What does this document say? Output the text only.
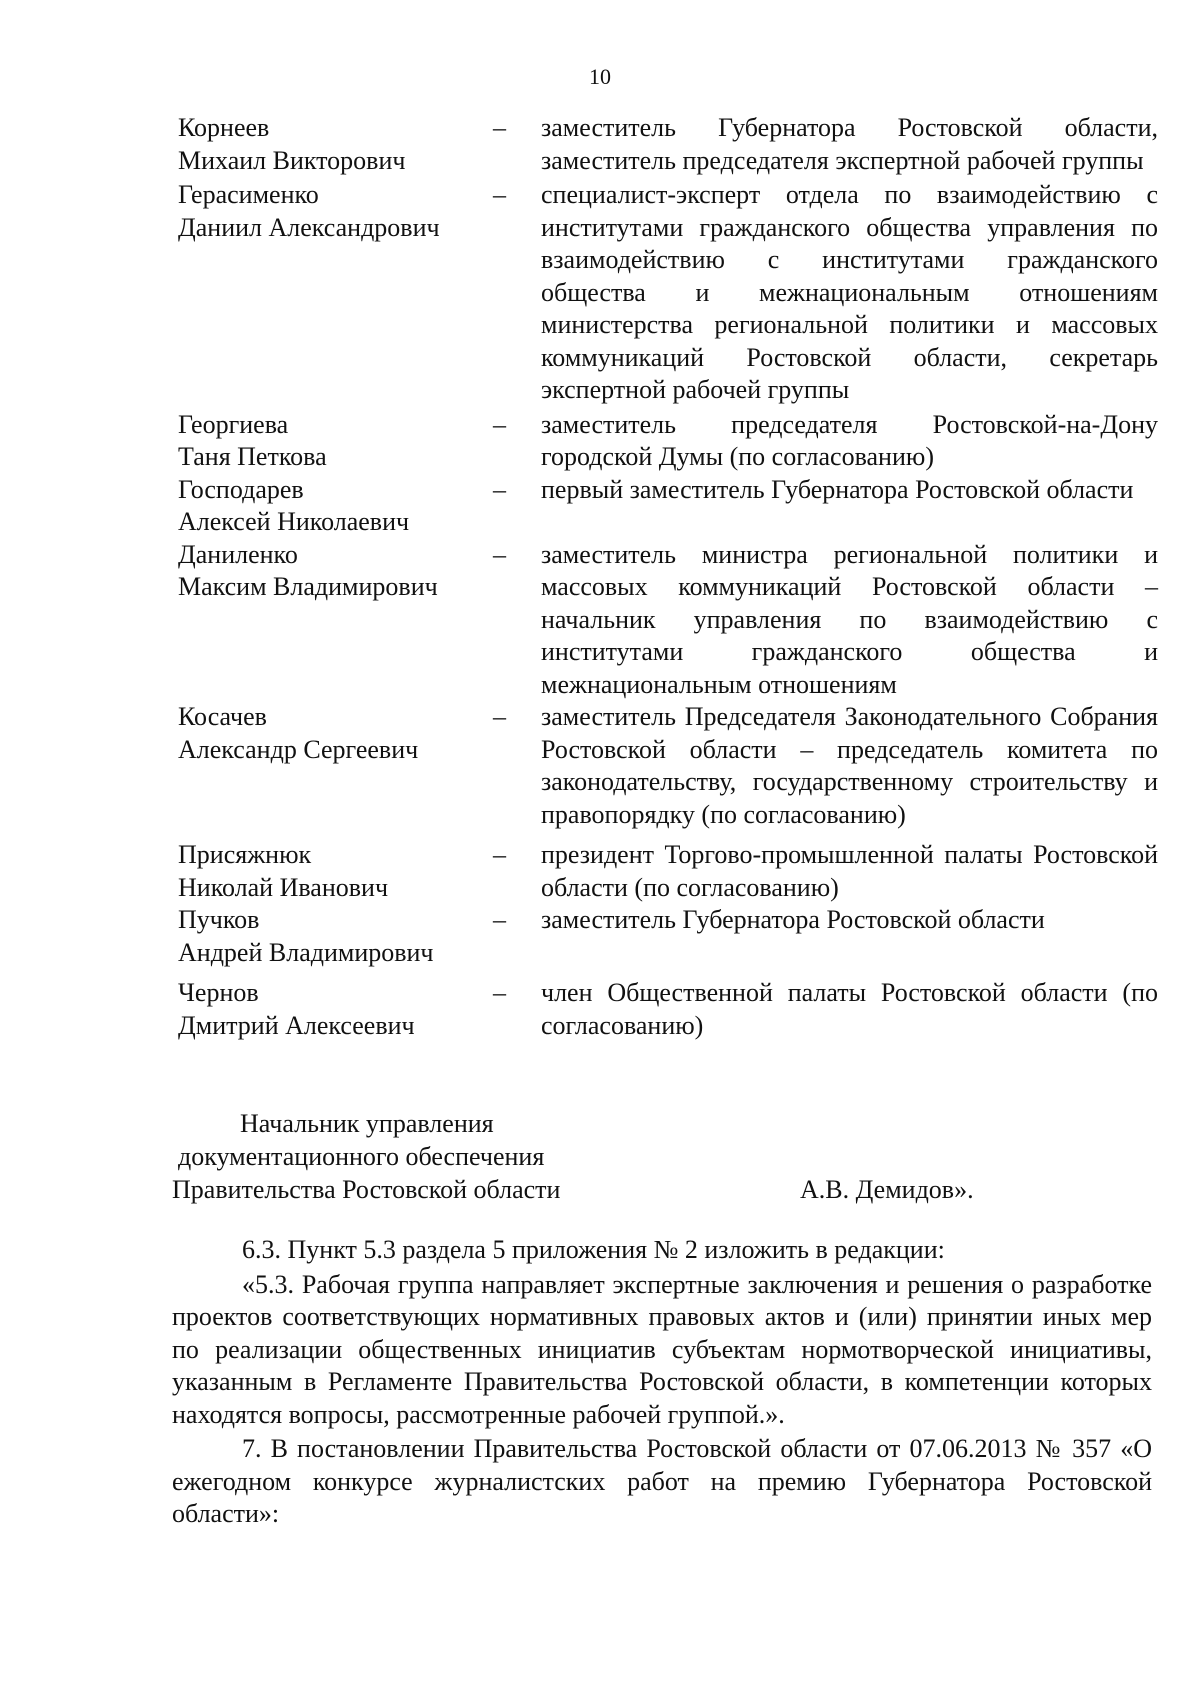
10
Корнеев
Михаил Викторович
–	заместитель Губернатора Ростовской области, заместитель председателя экспертной рабочей группы
Герасименко
Даниил Александрович
–	специалист-эксперт отдела по взаимодействию с институтами гражданского общества управления по взаимодействию с институтами гражданского общества и межнациональным отношениям министерства региональной политики и массовых коммуникаций Ростовской области, секретарь экспертной рабочей группы
Георгиева
Таня Петкова
–	заместитель председателя Ростовской-на-Дону городской Думы (по согласованию)
Господарев
Алексей Николаевич
–	первый заместитель Губернатора Ростовской области
Даниленко
Максим Владимирович
–	заместитель министра региональной политики и массовых коммуникаций Ростовской области – начальник управления по взаимодействию с институтами гражданского общества и межнациональным отношениям
Косачев
Александр Сергеевич
–	заместитель Председателя Законодательного Собрания Ростовской области – председатель комитета по законодательству, государственному строительству и правопорядку (по согласованию)
Присяжнюк
Николай Иванович
–	президент Торгово-промышленной палаты Ростовской области (по согласованию)
Пучков
Андрей Владимирович
–	заместитель Губернатора Ростовской области
Чернов
Дмитрий Алексеевич
–	член Общественной палаты Ростовской области (по согласованию)
Начальник управления
документационного обеспечения
Правительства Ростовской области	А.В. Демидов».

6.3. Пункт 5.3 раздела 5 приложения № 2 изложить в редакции:

«5.3. Рабочая группа направляет экспертные заключения и решения о разработке проектов соответствующих нормативных правовых актов и (или) принятии иных мер по реализации общественных инициатив субъектам нормотворческой инициативы, указанным в Регламенте Правительства Ростовской области, в компетенции которых находятся вопросы, рассмотренные рабочей группой.».

7. В постановлении Правительства Ростовской области от 07.06.2013 № 357 «О ежегодном конкурсе журналистских работ на премию Губернатора Ростовской области»:
